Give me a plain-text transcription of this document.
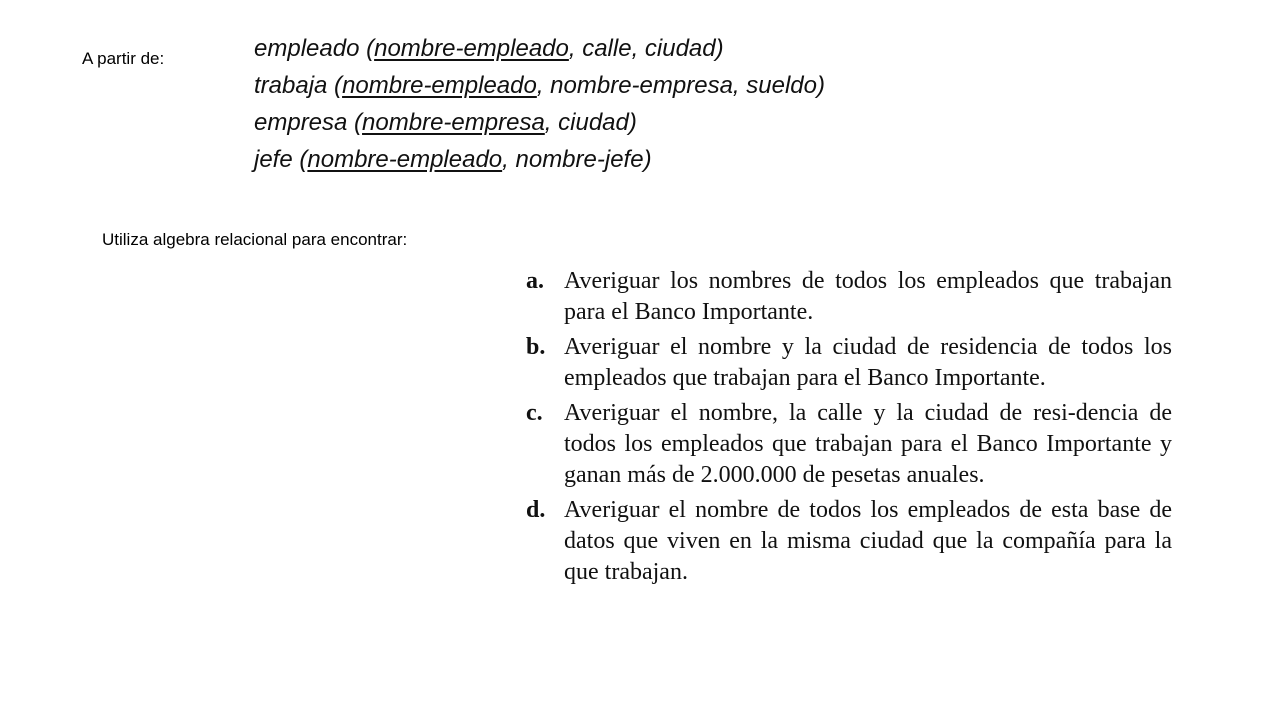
A partir de:	empleado (nombre-empleado, calle, ciudad)
trabaja (nombre-empleado, nombre-empresa, sueldo)
empresa (nombre-empresa, ciudad)
jefe (nombre-empleado, nombre-jefe)
Utiliza algebra relacional para encontrar:
a. Averiguar los nombres de todos los empleados que trabajan para el Banco Importante.
b. Averiguar el nombre y la ciudad de residencia de todos los empleados que trabajan para el Banco Importante.
c. Averiguar el nombre, la calle y la ciudad de resi-dencia de todos los empleados que trabajan para el Banco Importante y ganan más de 2.000.000 de pesetas anuales.
d. Averiguar el nombre de todos los empleados de esta base de datos que viven en la misma ciudad que la compañía para la que trabajan.
